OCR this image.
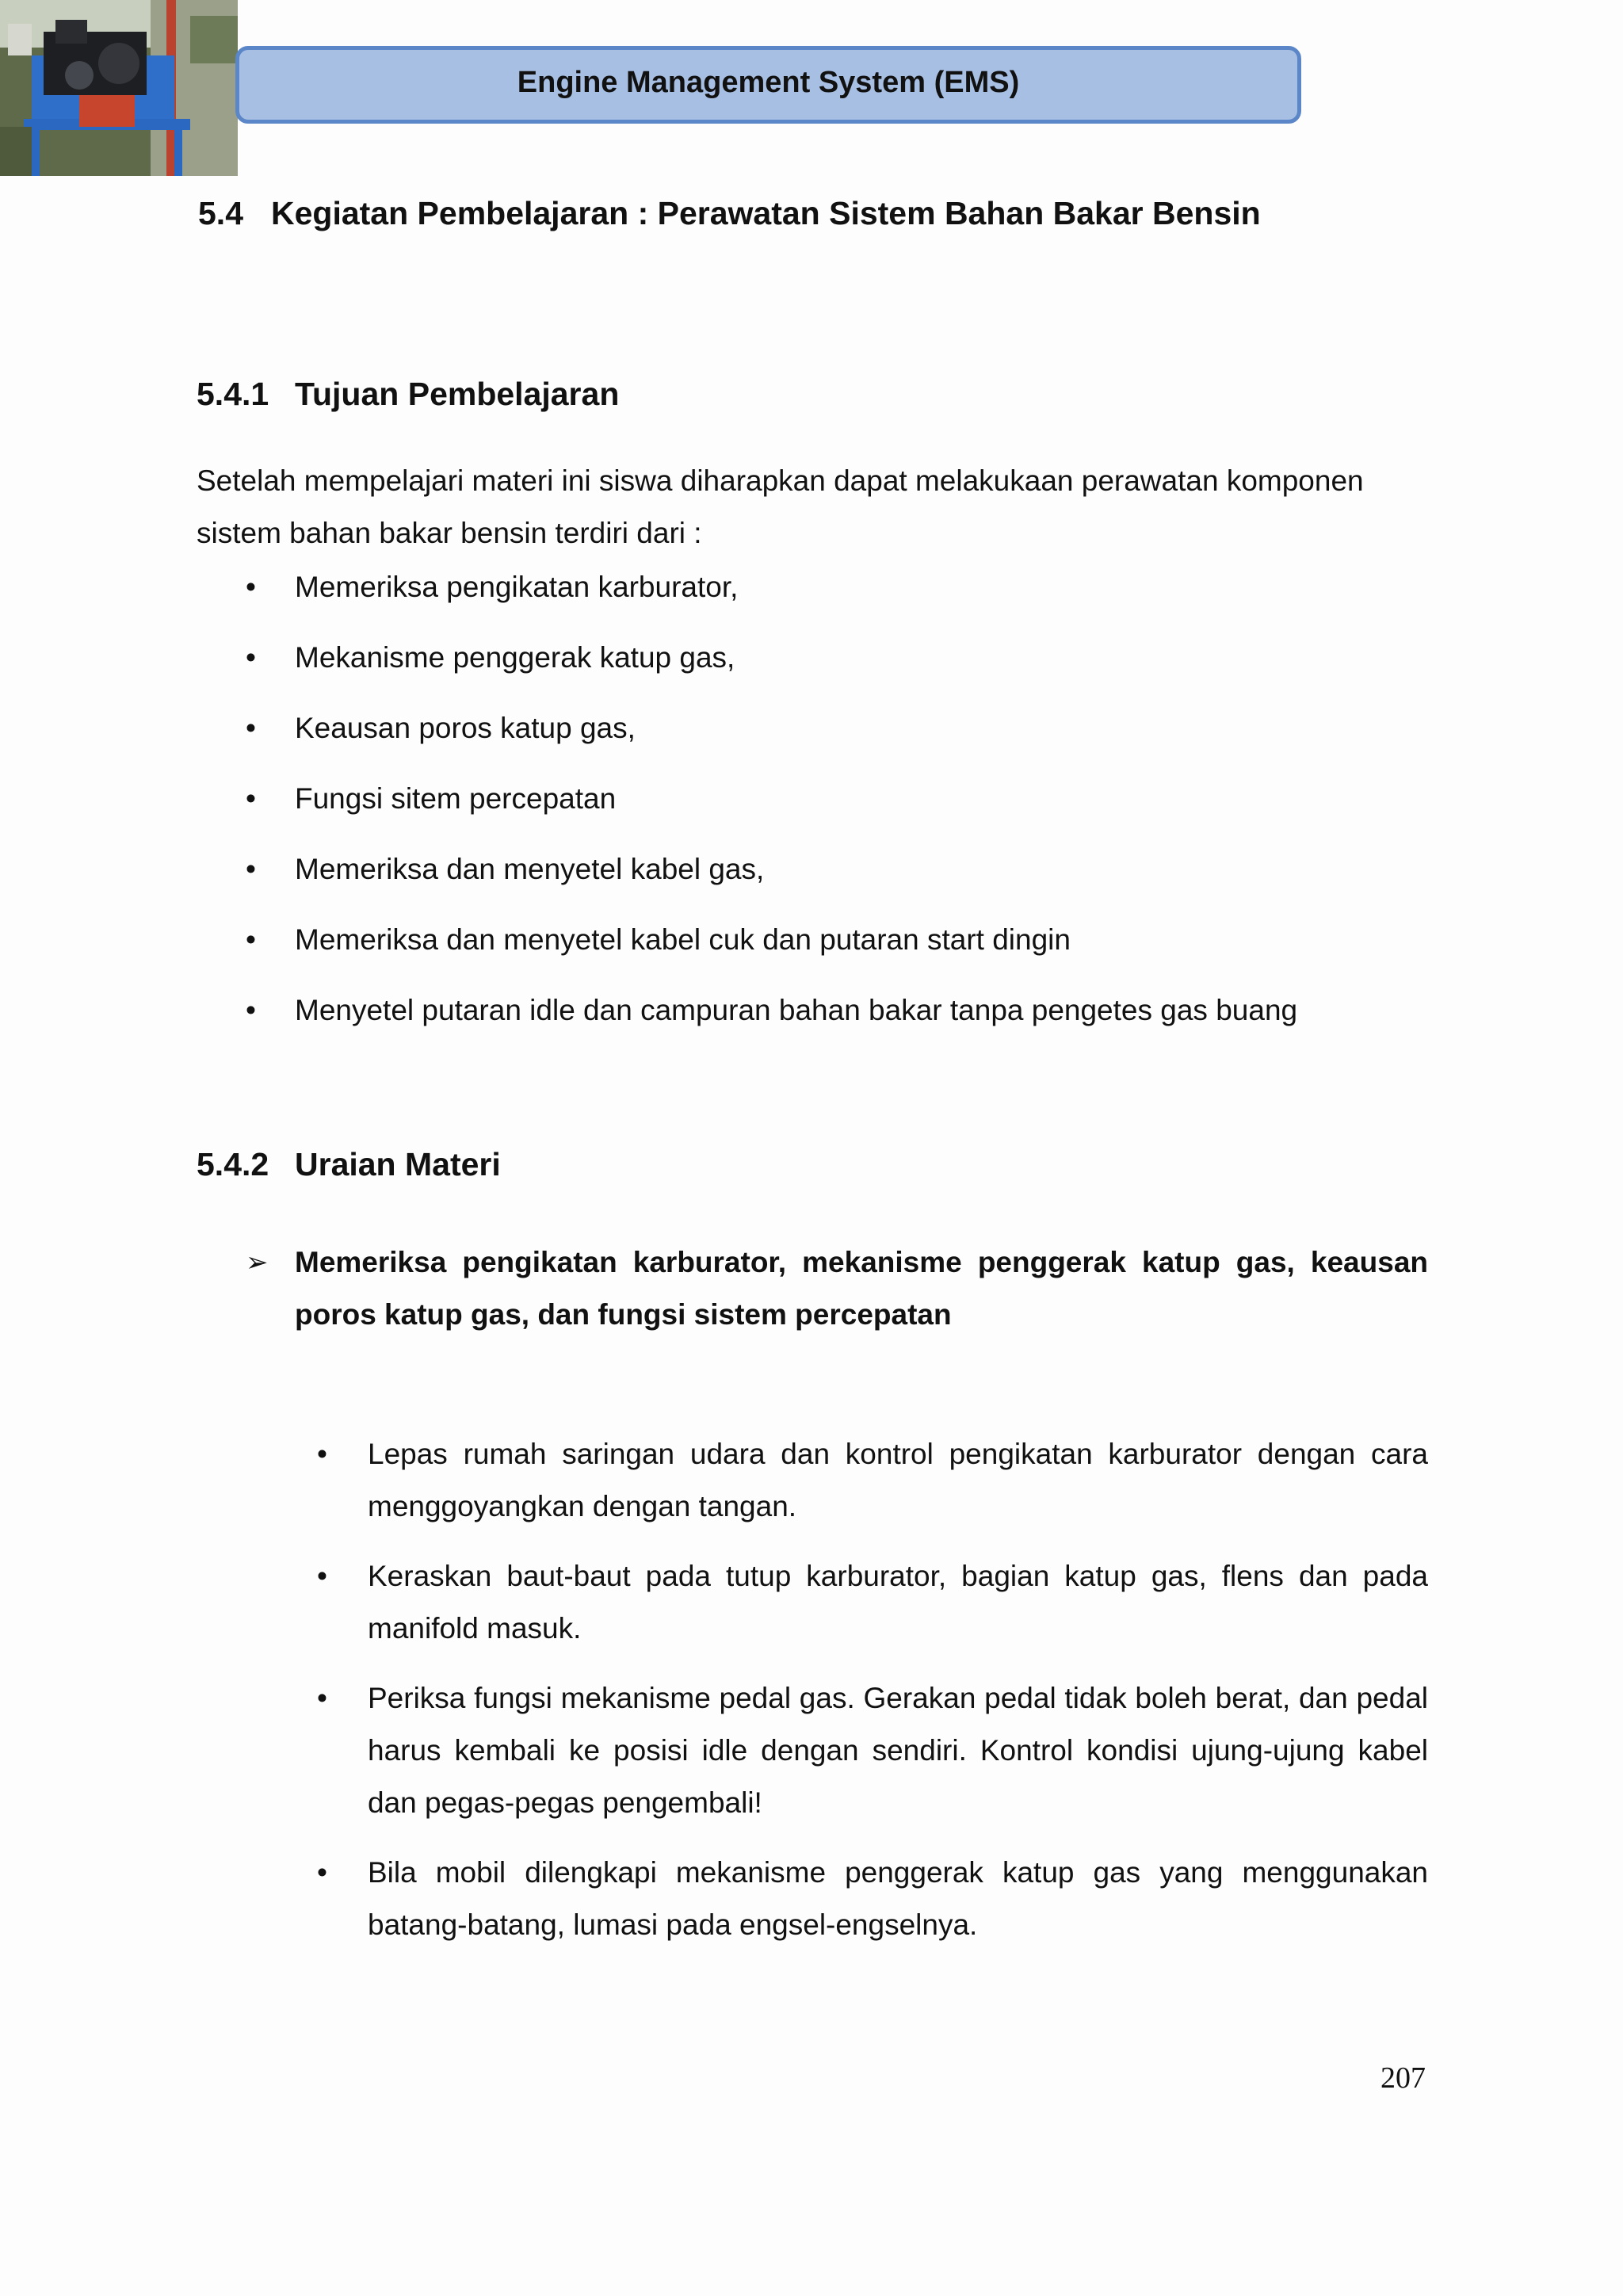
Engine Management System (EMS)
5.4 Kegiatan Pembelajaran : Perawatan Sistem Bahan Bakar Bensin
5.4.1 Tujuan Pembelajaran
Setelah mempelajari materi ini siswa diharapkan dapat melakukaan perawatan komponen
sistem bahan bakar bensin terdiri dari :
• Memeriksa pengikatan karburator,
• Mekanisme penggerak katup gas,
• Keausan poros katup gas,
• Fungsi sitem percepatan
• Memeriksa dan menyetel kabel gas,
• Memeriksa dan menyetel kabel cuk dan putaran start dingin
• Menyetel putaran idle dan campuran bahan bakar tanpa pengetes gas buang
5.4.2 Uraian Materi
➢ Memeriksa pengikatan karburator, mekanisme penggerak katup gas, keausan poros katup gas, dan fungsi sistem percepatan
• Lepas rumah saringan udara dan kontrol pengikatan karburator dengan cara menggoyangkan dengan tangan.
• Keraskan baut-baut pada tutup karburator, bagian katup gas, flens dan pada manifold masuk.
• Periksa fungsi mekanisme pedal gas. Gerakan pedal tidak boleh berat, dan pedal harus kembali ke posisi idle dengan sendiri. Kontrol kondisi ujung-ujung kabel dan pegas-pegas pengembali!
• Bila mobil dilengkapi mekanisme penggerak katup gas yang menggunakan batang-batang, lumasi pada engsel-engselnya.
207
